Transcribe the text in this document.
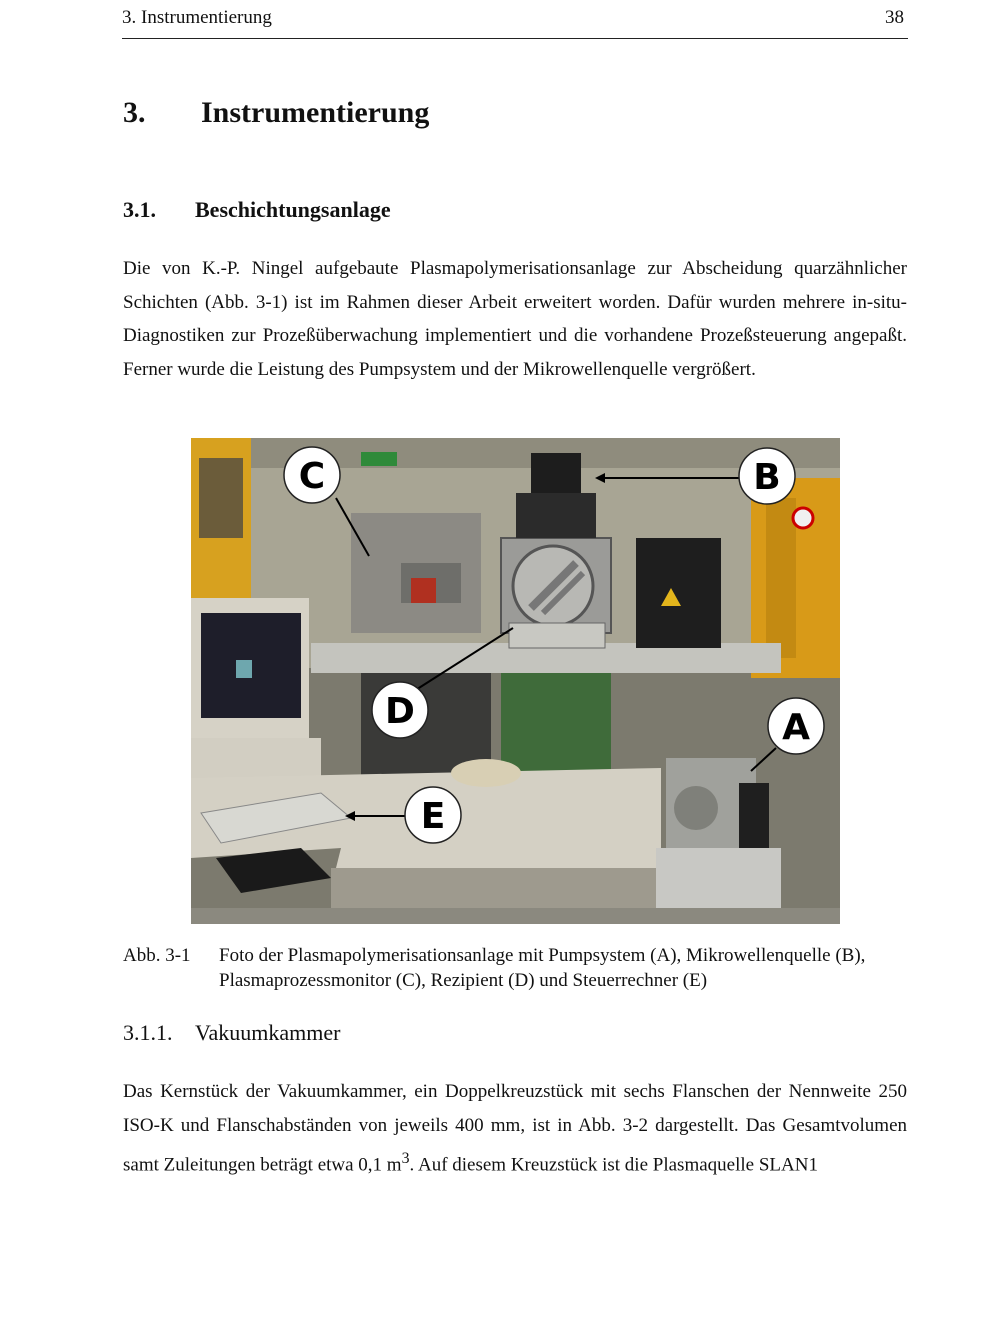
3. Instrumentierung	38
3. Instrumentierung
3.1. Beschichtungsanlage

Die von K.-P. Ningel aufgebaute Plasmapolymerisationsanlage zur Abscheidung quarzähnlicher Schichten (Abb. 3-1) ist im Rahmen dieser Arbeit erweitert worden. Dafür wurden mehrere in-situ-Diagnostiken zur Prozeßüberwachung implementiert und die vorhandene Prozeßsteuerung angepaßt. Ferner wurde die Leistung des Pumpsystem und der Mikrowellenquelle vergrößert.

B
C
D	A
E
Abb. 3-1 Foto der Plasmapolymerisationsanlage mit Pumpsystem (A), Mikrowellenquelle (B), Plasmaprozessmonitor (C), Rezipient (D) und Steuerrechner (E)
3.1.1. Vakuumkammer

Das Kernstück der Vakuumkammer, ein Doppelkreuzstück mit sechs Flanschen der Nennweite 250 ISO-K und Flanschabständen von jeweils 400 mm, ist in Abb. 3-2 dargestellt. Das Gesamtvolumen samt Zuleitungen beträgt etwa 0,1 $m^3$. Auf diesem Kreuzstück ist die Plasmaquelle SLAN1
